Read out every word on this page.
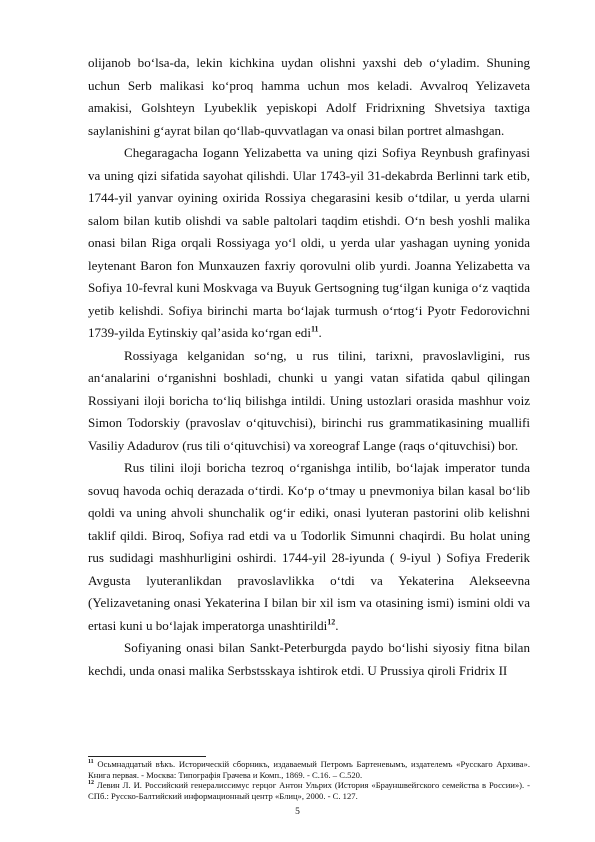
olijanob bo‘lsa-da, lekin kichkina uydan olishni yaxshi deb o‘yladim. Shuning uchun Serb malikasi ko‘proq hamma uchun mos keladi. Avvalroq Yelizaveta amakisi, Golshteyn Lyubeklik yepiskopi Adolf Fridrixning Shvetsiya taxtiga saylanishini g‘ayrat bilan qo‘llab-quvvatlagan va onasi bilan portret almashgan.

Chegaragacha Iogann Yelizabetta va uning qizi Sofiya Reynbush grafinyasi va uning qizi sifatida sayohat qilishdi. Ular 1743-yil 31-dekabrda Berlinni tark etib, 1744-yil yanvar oyining oxirida Rossiya chegarasini kesib o‘tdilar, u yerda ularni salom bilan kutib olishdi va sable paltolari taqdim etishdi. O‘n besh yoshli malika onasi bilan Riga orqali Rossiyaga yo‘l oldi, u yerda ular yashagan uyning yonida leytenant Baron fon Munxauzen faxriy qorovulni olib yurdi. Joanna Yelizabetta va Sofiya 10-fevral kuni Moskvaga va Buyuk Gertsogning tug‘ilgan kuniga o‘z vaqtida yetib kelishdi. Sofiya birinchi marta bo‘lajak turmush o‘rtog‘i Pyotr Fedorovichni 1739-yilda Eytinskiy qal’asida ko‘rgan edi$^{11}$.

Rossiyaga kelganidan so‘ng, u rus tilini, tarixni, pravoslavligini, rus an‘analarini o‘rganishni boshladi, chunki u yangi vatan sifatida qabul qilingan Rossiyani iloji boricha to‘liq bilishga intildi. Uning ustozlari orasida mashhur voiz Simon Todorskiy (pravoslav o‘qituvchisi), birinchi rus grammatikasining muallifi Vasiliy Adadurov (rus tili o‘qituvchisi) va xoreograf Lange (raqs o‘qituvchisi) bor.

Rus tilini iloji boricha tezroq o‘rganishga intilib, bo‘lajak imperator tunda sovuq havoda ochiq derazada o‘tirdi. Ko‘p o‘tmay u pnevmoniya bilan kasal bo‘lib qoldi va uning ahvoli shunchalik og‘ir ediki, onasi lyuteran pastorini olib kelishni taklif qildi. Biroq, Sofiya rad etdi va u Todorlik Simunni chaqirdi. Bu holat uning rus sudidagi mashhurligini oshirdi. 1744-yil 28-iyunda ( 9-iyul ) Sofiya Frederik Avgusta lyuteranlikdan pravoslavlikka o‘tdi va Yekaterina Alekseevna (Yelizavetaning onasi Yekaterina I bilan bir xil ism va otasining ismi) ismini oldi va ertasi kuni u bo‘lajak imperatorga unashtirildi$^{12}$.

Sofiyaning onasi bilan Sankt-Peterburgda paydo bo‘lishi siyosiy fitna bilan kechdi, unda onasi malika Serbstsskaya ishtirok etdi. U Prussiya qiroli Fridrix II

$^{11}$ Осьмнадцатый вѣкъ. Историческiй сборникъ, издаваемый Петромъ Бартеневымъ, издателемъ «Русскаго Архива». Книга первая. - Москва: Типографiя Грачева и Комп., 1869. - С.16. – С.520.

$^{12}$ Левин Л. И. Российский генералиссимус герцог Антон Ульрих (История «Брауншвейгского семейства в России»). - СПб.: Русско-Балтийский информационный центр «Блиц», 2000. - С. 127.

5
